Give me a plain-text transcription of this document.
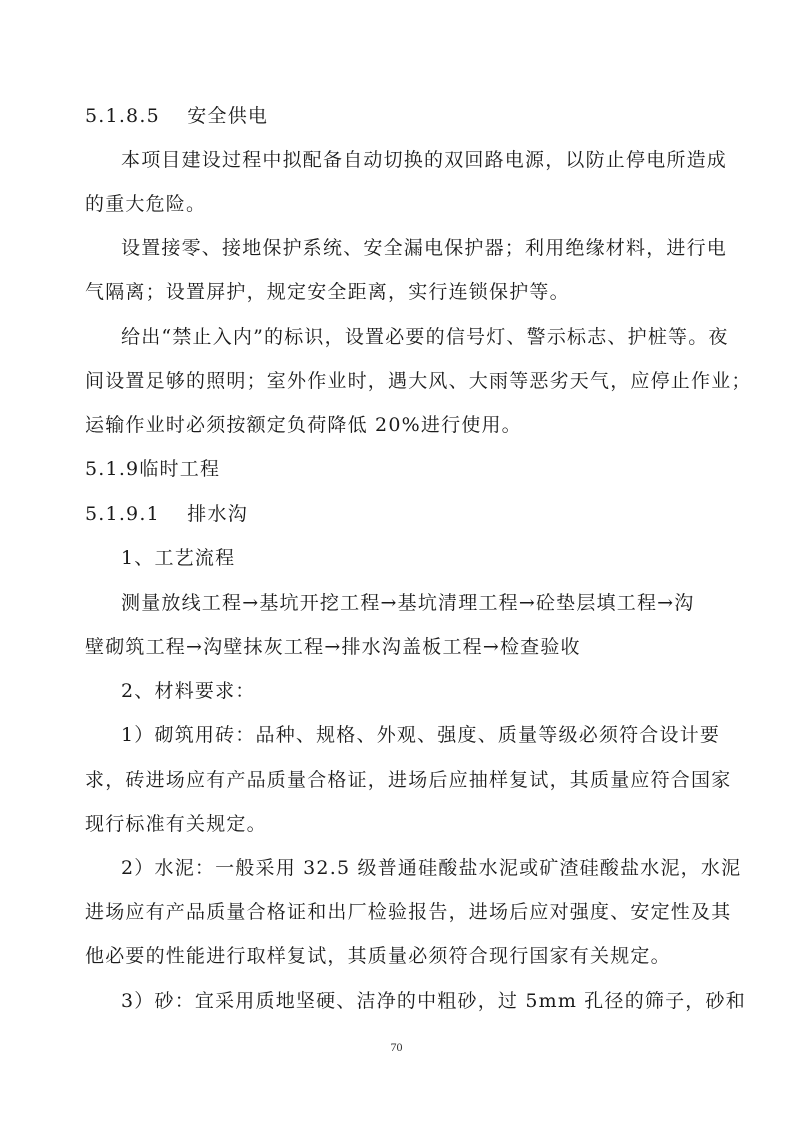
5.1.8.5　 安全供电
本项目建设过程中拟配备自动切换的双回路电源，以防止停电所造成
的重大危险。
设置接零、接地保护系统、安全漏电保护器；利用绝缘材料，进行电
气隔离；设置屏护，规定安全距离，实行连锁保护等。
给出“禁止入内”的标识，设置必要的信号灯、警示标志、护桩等。夜
间设置足够的照明；室外作业时，遇大风、大雨等恶劣天气，应停止作业；
运输作业时必须按额定负荷降低 20%进行使用。
5.1.9临时工程
5.1.9.1　 排水沟
1、工艺流程
测量放线工程→基坑开挖工程→基坑清理工程→砼垫层填工程→沟
壁砌筑工程→沟壁抹灰工程→排水沟盖板工程→检查验收
2、材料要求：
1）砌筑用砖：品种、规格、外观、强度、质量等级必须符合设计要
求，砖进场应有产品质量合格证，进场后应抽样复试，其质量应符合国家
现行标准有关规定。
2）水泥：一般采用 32.5 级普通硅酸盐水泥或矿渣硅酸盐水泥，水泥
进场应有产品质量合格证和出厂检验报告，进场后应对强度、安定性及其
他必要的性能进行取样复试，其质量必须符合现行国家有关规定。
3）砂：宜采用质地坚硬、洁净的中粗砂，过 5mm 孔径的筛子，砂和
70
